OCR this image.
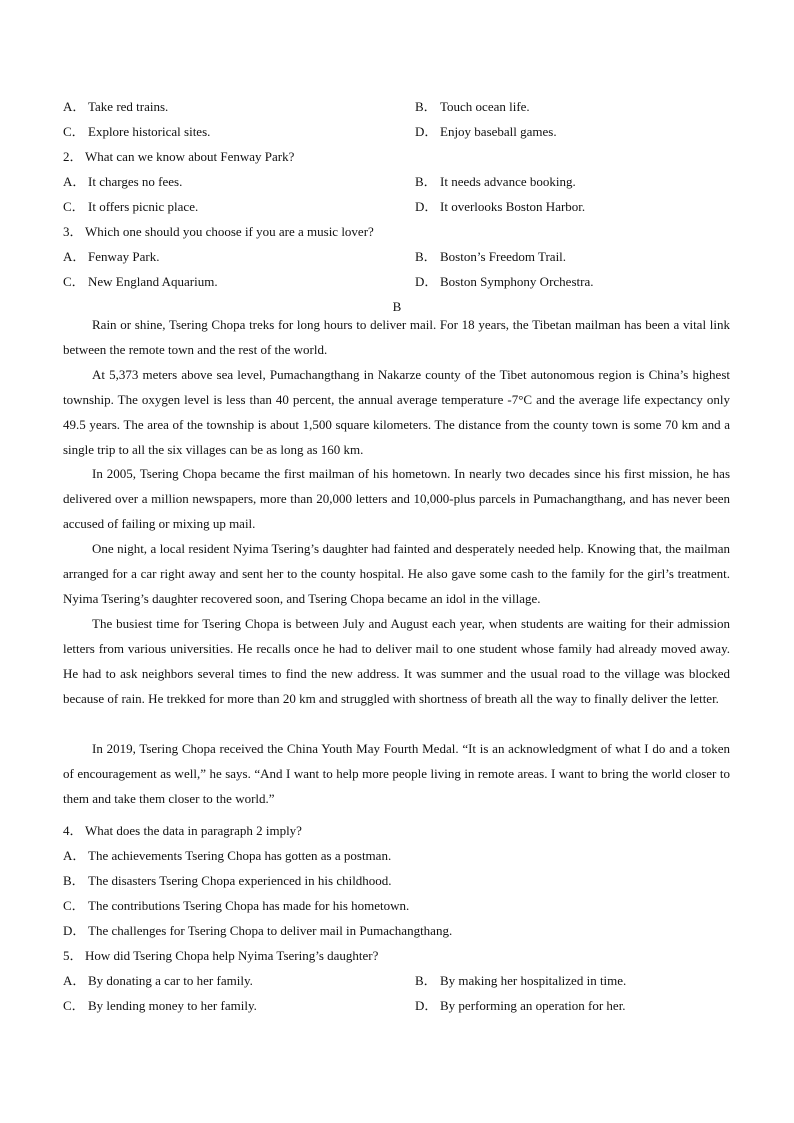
A． Take red trains.	B． Touch ocean life.
C． Explore historical sites.	D． Enjoy baseball games.
2． What can we know about Fenway Park?
A． It charges no fees.	B． It needs advance booking.
C． It offers picnic place.	D． It overlooks Boston Harbor.
3． Which one should you choose if you are a music lover?
A． Fenway Park.	B． Boston’s Freedom Trail.
C． New England Aquarium.	D． Boston Symphony Orchestra.
B

Rain or shine, Tsering Chopa treks for long hours to deliver mail. For 18 years, the Tibetan mailman has been a vital link between the remote town and the rest of the world.

At 5,373 meters above sea level, Pumachangthang in Nakarze county of the Tibet autonomous region is China’s highest township. The oxygen level is less than 40 percent, the annual average temperature -7°C and the average life expectancy only 49.5 years. The area of the township is about 1,500 square kilometers. The distance from the county town is some 70 km and a single trip to all the six villages can be as long as 160 km.

In 2005, Tsering Chopa became the first mailman of his hometown. In nearly two decades since his first mission, he has delivered over a million newspapers, more than 20,000 letters and 10,000-plus parcels in Pumachangthang, and has never been accused of failing or mixing up mail.

One night, a local resident Nyima Tsering’s daughter had fainted and desperately needed help. Knowing that, the mailman arranged for a car right away and sent her to the county hospital. He also gave some cash to the family for the girl’s treatment. Nyima Tsering’s daughter recovered soon, and Tsering Chopa became an idol in the village.

The busiest time for Tsering Chopa is between July and August each year, when students are waiting for their admission letters from various universities. He recalls once he had to deliver mail to one student whose family had already moved away. He had to ask neighbors several times to find the new address. It was summer and the usual road to the village was blocked because of rain. He trekked for more than 20 km and struggled with shortness of breath all the way to finally deliver the letter.

In 2019, Tsering Chopa received the China Youth May Fourth Medal. “It is an acknowledgment of what I do and a token of encouragement as well,” he says. “And I want to help more people living in remote areas. I want to bring the world closer to them and take them closer to the world.”

4． What does the data in paragraph 2 imply?
A． The achievements Tsering Chopa has gotten as a postman.
B． The disasters Tsering Chopa experienced in his childhood.
C． The contributions Tsering Chopa has made for his hometown.
D． The challenges for Tsering Chopa to deliver mail in Pumachangthang.
5． How did Tsering Chopa help Nyima Tsering’s daughter?
A． By donating a car to her family.	B． By making her hospitalized in time.
C． By lending money to her family.	D． By performing an operation for her.
